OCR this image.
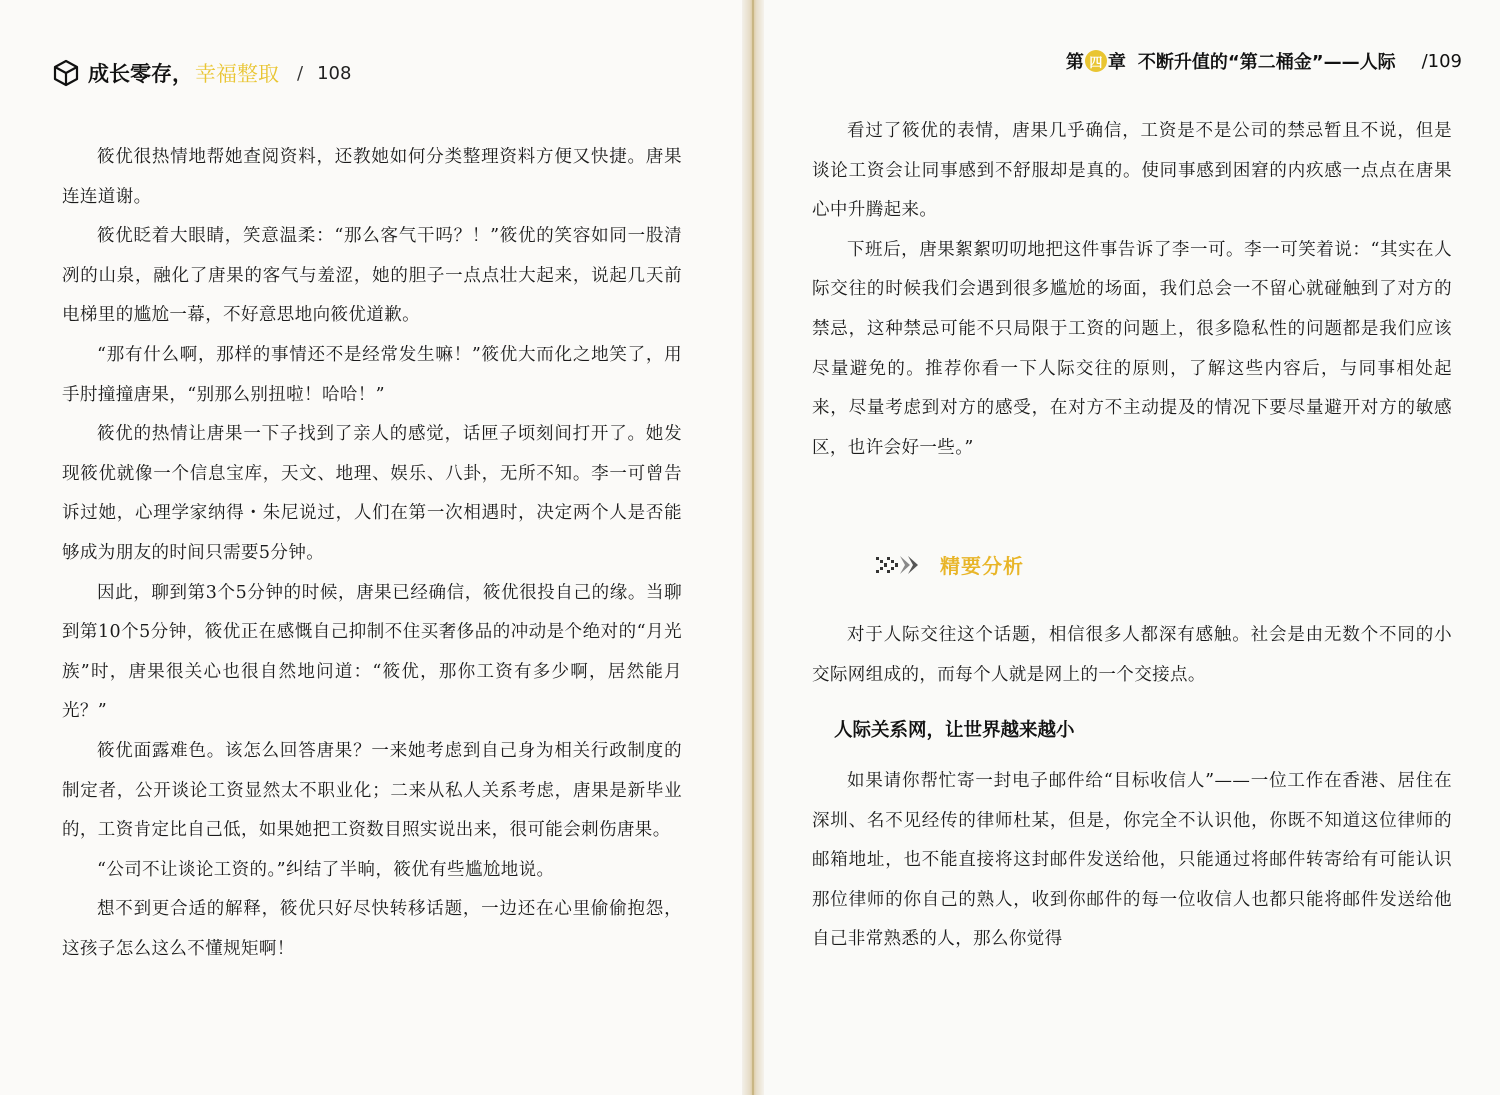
成长零存， 幸福整取 / 108

筱优很热情地帮她查阅资料，还教她如何分类整理资料方便又快捷。唐果连连道谢。

筱优眨着大眼睛，笑意温柔：“那么客气干吗？！”筱优的笑容如同一股清冽的山泉，融化了唐果的客气与羞涩，她的胆子一点点壮大起来，说起几天前电梯里的尴尬一幕，不好意思地向筱优道歉。

“那有什么啊，那样的事情还不是经常发生嘛！”筱优大而化之地笑了，用手肘撞撞唐果，“别那么别扭啦！哈哈！”

筱优的热情让唐果一下子找到了亲人的感觉，话匣子顷刻间打开了。她发现筱优就像一个信息宝库，天文、地理、娱乐、八卦，无所不知。李一可曾告诉过她，心理学家纳得・朱尼说过，人们在第一次相遇时，决定两个人是否能够成为朋友的时间只需要5分钟。

因此，聊到第3个5分钟的时候，唐果已经确信，筱优很投自己的缘。当聊到第10个5分钟，筱优正在感慨自己抑制不住买奢侈品的冲动是个绝对的“月光族”时，唐果很关心也很自然地问道：“筱优，那你工资有多少啊，居然能月光？”

筱优面露难色。该怎么回答唐果？一来她考虑到自己身为相关行政制度的制定者，公开谈论工资显然太不职业化；二来从私人关系考虑，唐果是新毕业的，工资肯定比自己低，如果她把工资数目照实说出来，很可能会刺伤唐果。

“公司不让谈论工资的。”纠结了半晌，筱优有些尴尬地说。

想不到更合适的解释，筱优只好尽快转移话题，一边还在心里偷偷抱怨，这孩子怎么这么不懂规矩啊！

第 四 章 不断升值的“第二桶金”——人际 /109

看过了筱优的表情，唐果几乎确信，工资是不是公司的禁忌暂且不说，但是谈论工资会让同事感到不舒服却是真的。使同事感到困窘的内疚感一点点在唐果心中升腾起来。

下班后，唐果絮絮叨叨地把这件事告诉了李一可。李一可笑着说：“其实在人际交往的时候我们会遇到很多尴尬的场面，我们总会一不留心就碰触到了对方的禁忌，这种禁忌可能不只局限于工资的问题上，很多隐私性的问题都是我们应该尽量避免的。推荐你看一下人际交往的原则，了解这些内容后，与同事相处起来，尽量考虑到对方的感受，在对方不主动提及的情况下要尽量避开对方的敏感区，也许会好一些。”

精要分析

对于人际交往这个话题，相信很多人都深有感触。社会是由无数个不同的小交际网组成的，而每个人就是网上的一个交接点。

人际关系网，让世界越来越小

如果请你帮忙寄一封电子邮件给“目标收信人”——一位工作在香港、居住在深圳、名不见经传的律师杜某，但是，你完全不认识他，你既不知道这位律师的邮箱地址，也不能直接将这封邮件发送给他，只能通过将邮件转寄给有可能认识那位律师的你自己的熟人，收到你邮件的每一位收信人也都只能将邮件发送给他自己非常熟悉的人，那么你觉得
